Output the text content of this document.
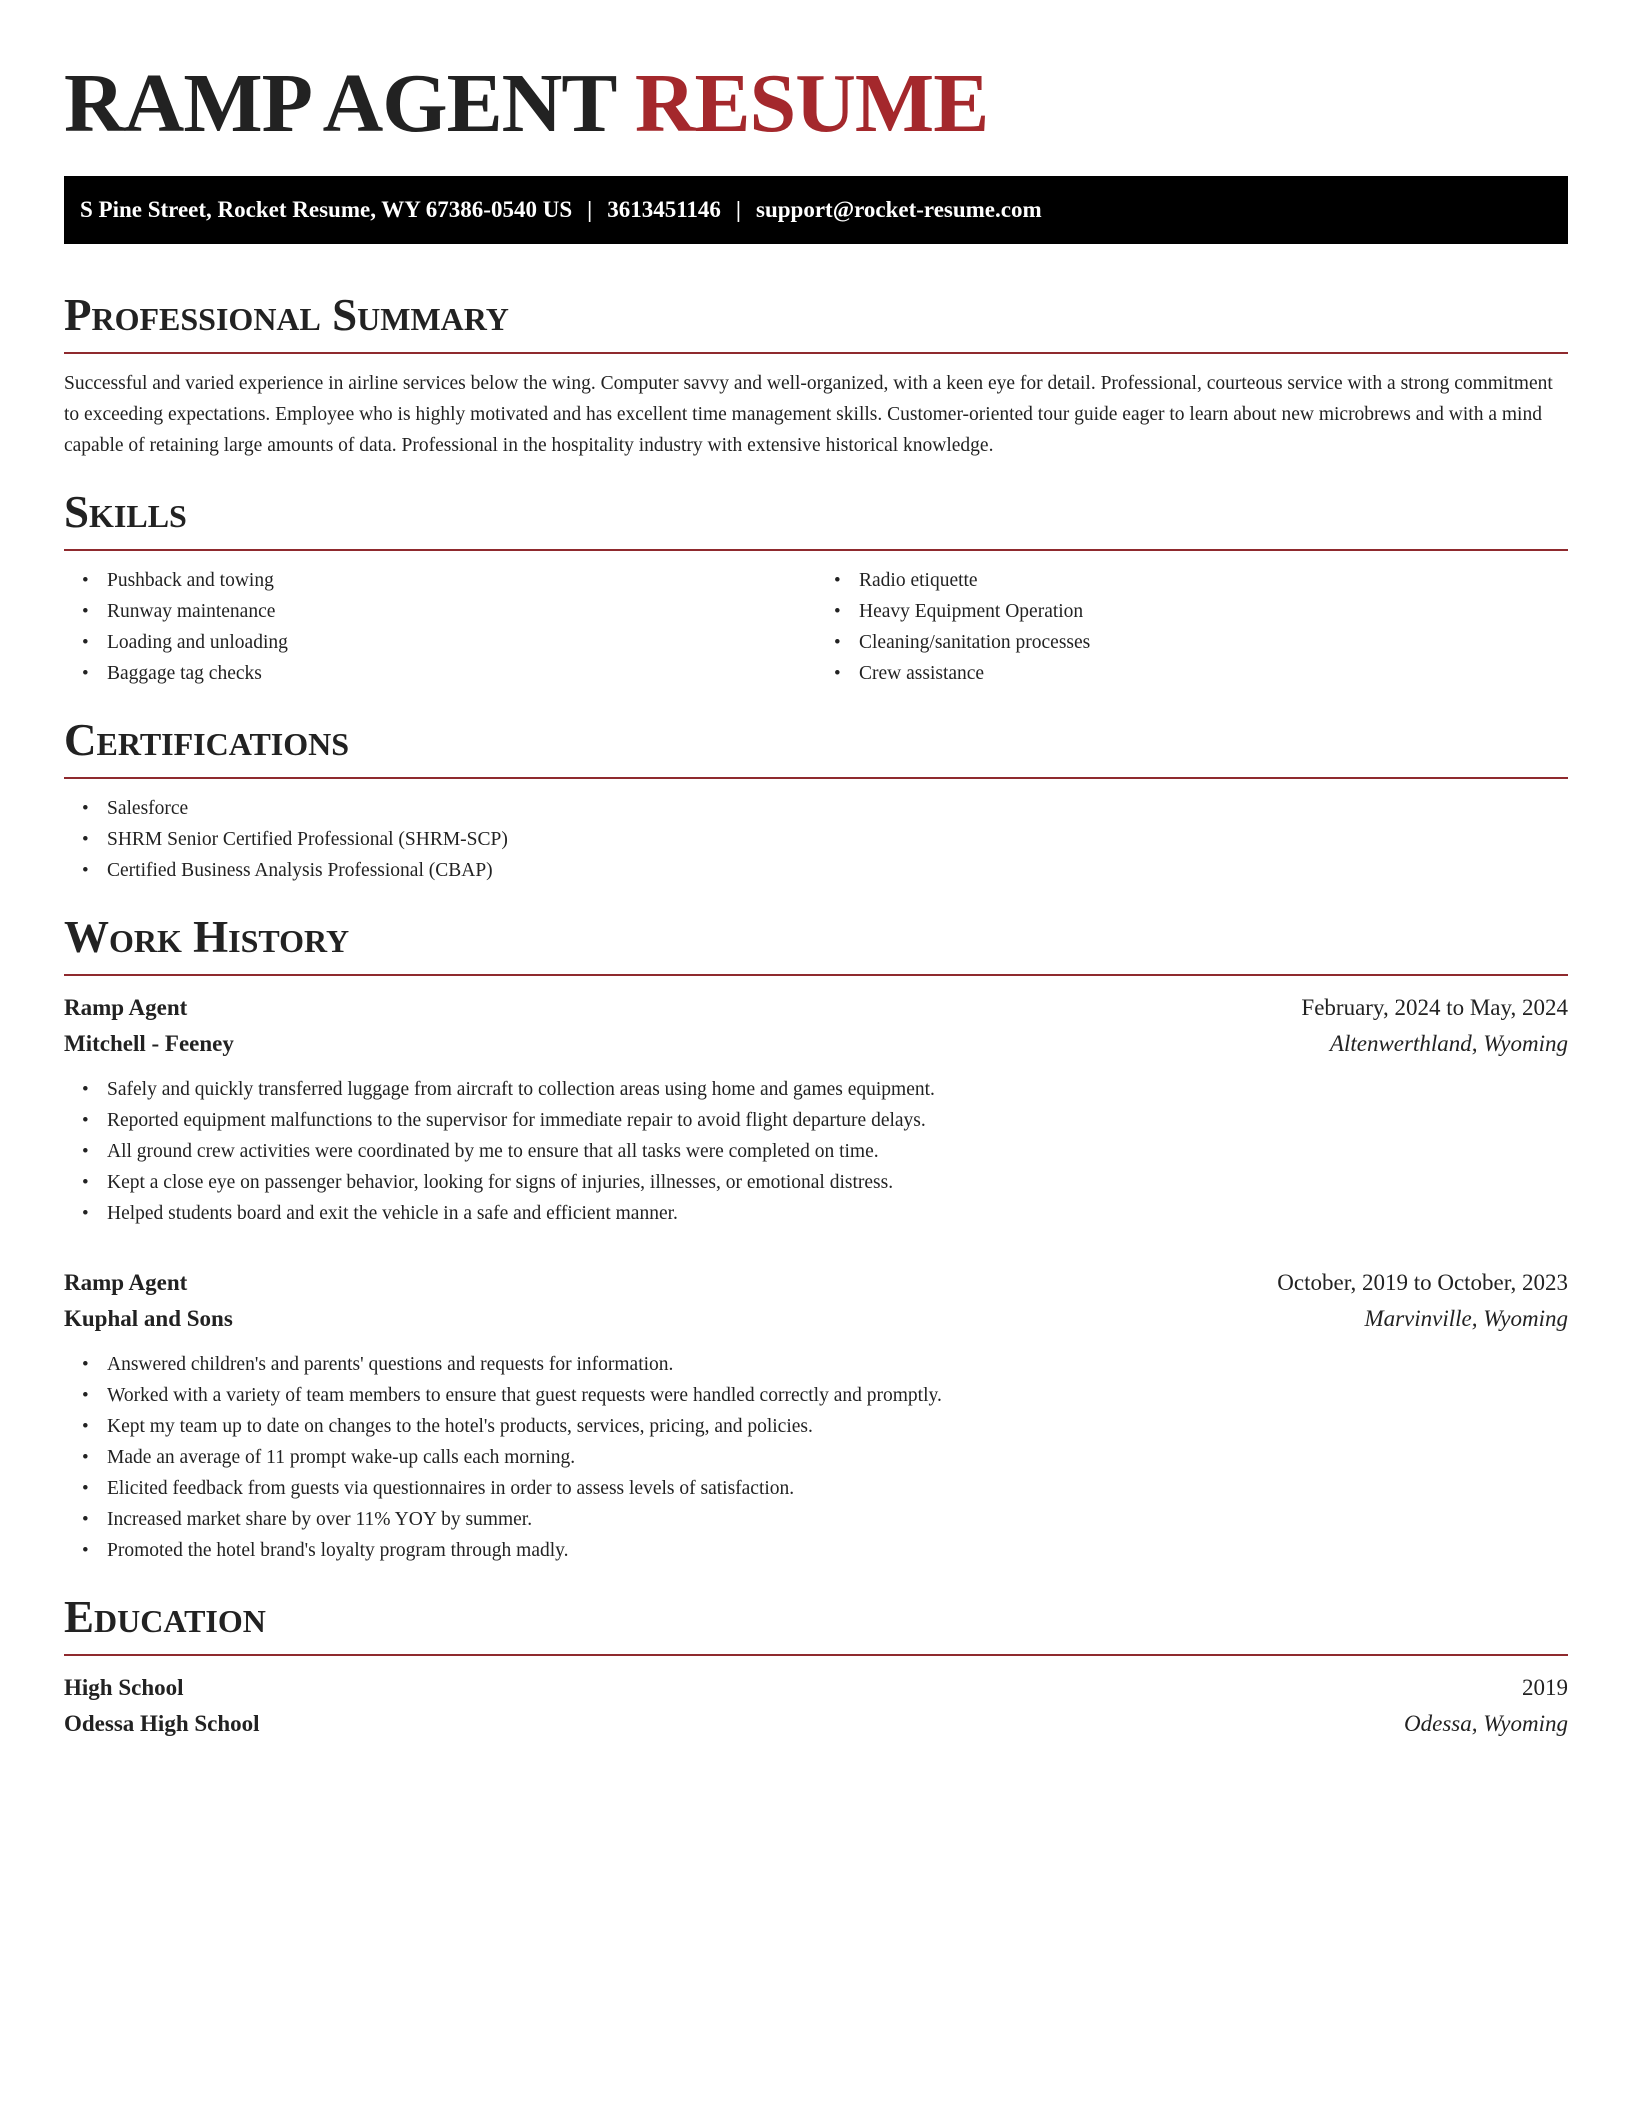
RAMP AGENT RESUME
S Pine Street, Rocket Resume, WY 67386-0540 US | 3613451146 | support@rocket-resume.com
Professional Summary

Successful and varied experience in airline services below the wing. Computer savvy and well-organized, with a keen eye for detail. Professional, courteous service with a strong commitment to exceeding expectations. Employee who is highly motivated and has excellent time management skills. Customer-oriented tour guide eager to learn about new microbrews and with a mind capable of retaining large amounts of data. Professional in the hospitality industry with extensive historical knowledge.

Skills
• Pushback and towing
• Runway maintenance
• Loading and unloading
• Baggage tag checks
• Radio etiquette
• Heavy Equipment Operation
• Cleaning/sanitation processes
• Crew assistance
Certifications
• Salesforce
• SHRM Senior Certified Professional (SHRM-SCP)
• Certified Business Analysis Professional (CBAP)
Work History
Ramp Agent	February, 2024 to May, 2024
Mitchell - Feeney	Altenwerthland, Wyoming
• Safely and quickly transferred luggage from aircraft to collection areas using home and games equipment.
• Reported equipment malfunctions to the supervisor for immediate repair to avoid flight departure delays.
• All ground crew activities were coordinated by me to ensure that all tasks were completed on time.
• Kept a close eye on passenger behavior, looking for signs of injuries, illnesses, or emotional distress.
• Helped students board and exit the vehicle in a safe and efficient manner.
Ramp Agent	October, 2019 to October, 2023
Kuphal and Sons	Marvinville, Wyoming
• Answered children's and parents' questions and requests for information.
• Worked with a variety of team members to ensure that guest requests were handled correctly and promptly.
• Kept my team up to date on changes to the hotel's products, services, pricing, and policies.
• Made an average of 11 prompt wake-up calls each morning.
• Elicited feedback from guests via questionnaires in order to assess levels of satisfaction.
• Increased market share by over 11% YOY by summer.
• Promoted the hotel brand's loyalty program through madly.
Education
High School	2019
Odessa High School	Odessa, Wyoming
